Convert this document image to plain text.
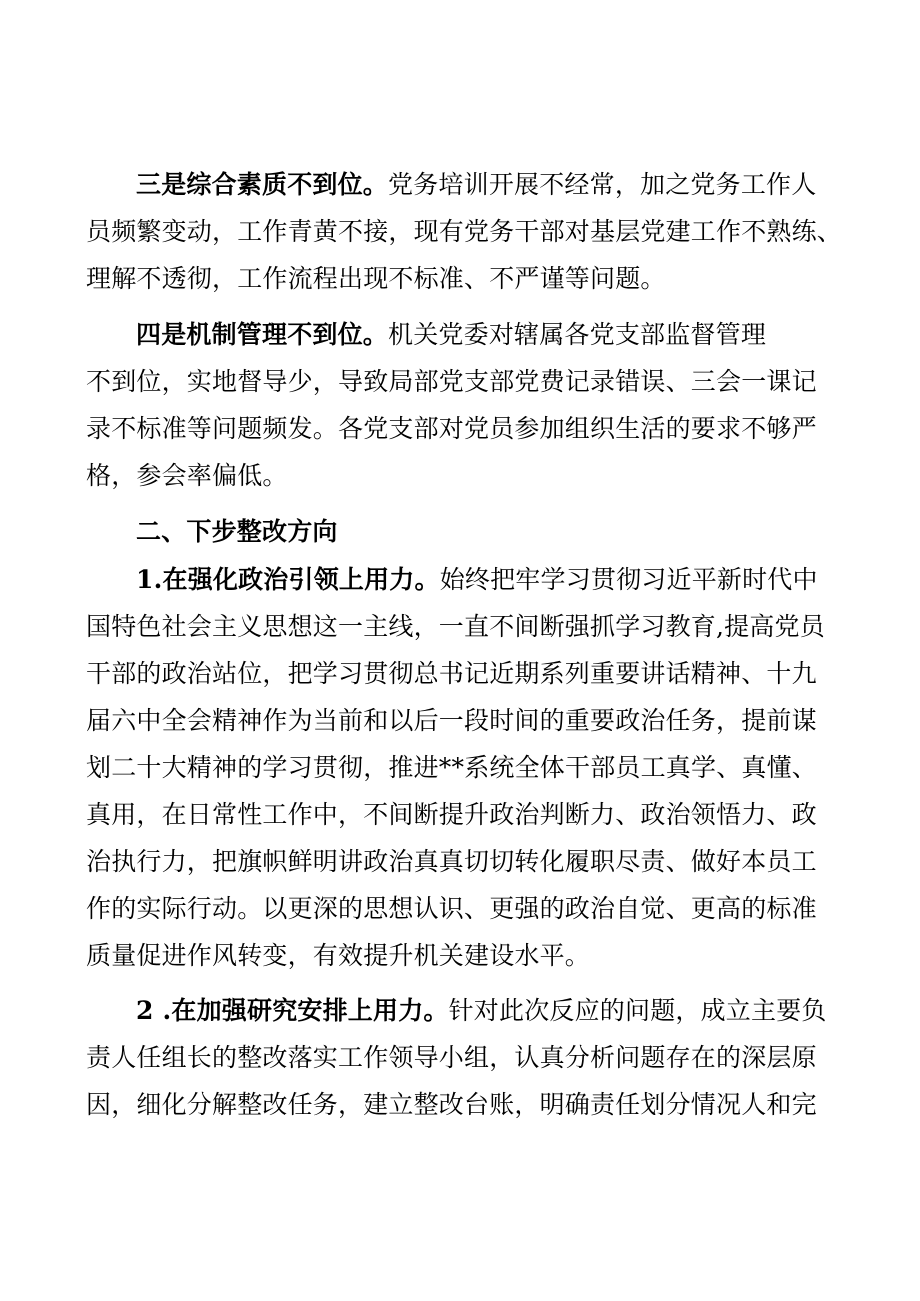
三是综合素质不到位。党务培训开展不经常，加之党务工作人
员频繁变动，工作青黄不接，现有党务干部对基层党建工作不熟练、
理解不透彻，工作流程出现不标准、不严谨等问题。
四是机制管理不到位。机关党委对辖属各党支部监督管理
不到位，实地督导少，导致局部党支部党费记录错误、三会一课记
录不标准等问题频发。各党支部对党员参加组织生活的要求不够严
格，参会率偏低。
二、下步整改方向
1.在强化政治引领上用力。始终把牢学习贯彻习近平新时代中
国特色社会主义思想这一主线，一直不间断强抓学习教育,提高党员
干部的政治站位，把学习贯彻总书记近期系列重要讲话精神、十九
届六中全会精神作为当前和以后一段时间的重要政治任务，提前谋
划二十大精神的学习贯彻，推进**系统全体干部员工真学、真懂、
真用，在日常性工作中，不间断提升政治判断力、政治领悟力、政
治执行力，把旗帜鲜明讲政治真真切切转化履职尽责、做好本员工
作的实际行动。以更深的思想认识、更强的政治自觉、更高的标准
质量促进作风转变，有效提升机关建设水平。
2 .在加强研究安排上用力。针对此次反应的问题，成立主要负
责人任组长的整改落实工作领导小组，认真分析问题存在的深层原
因，细化分解整改任务，建立整改台账，明确责任划分情况人和完
